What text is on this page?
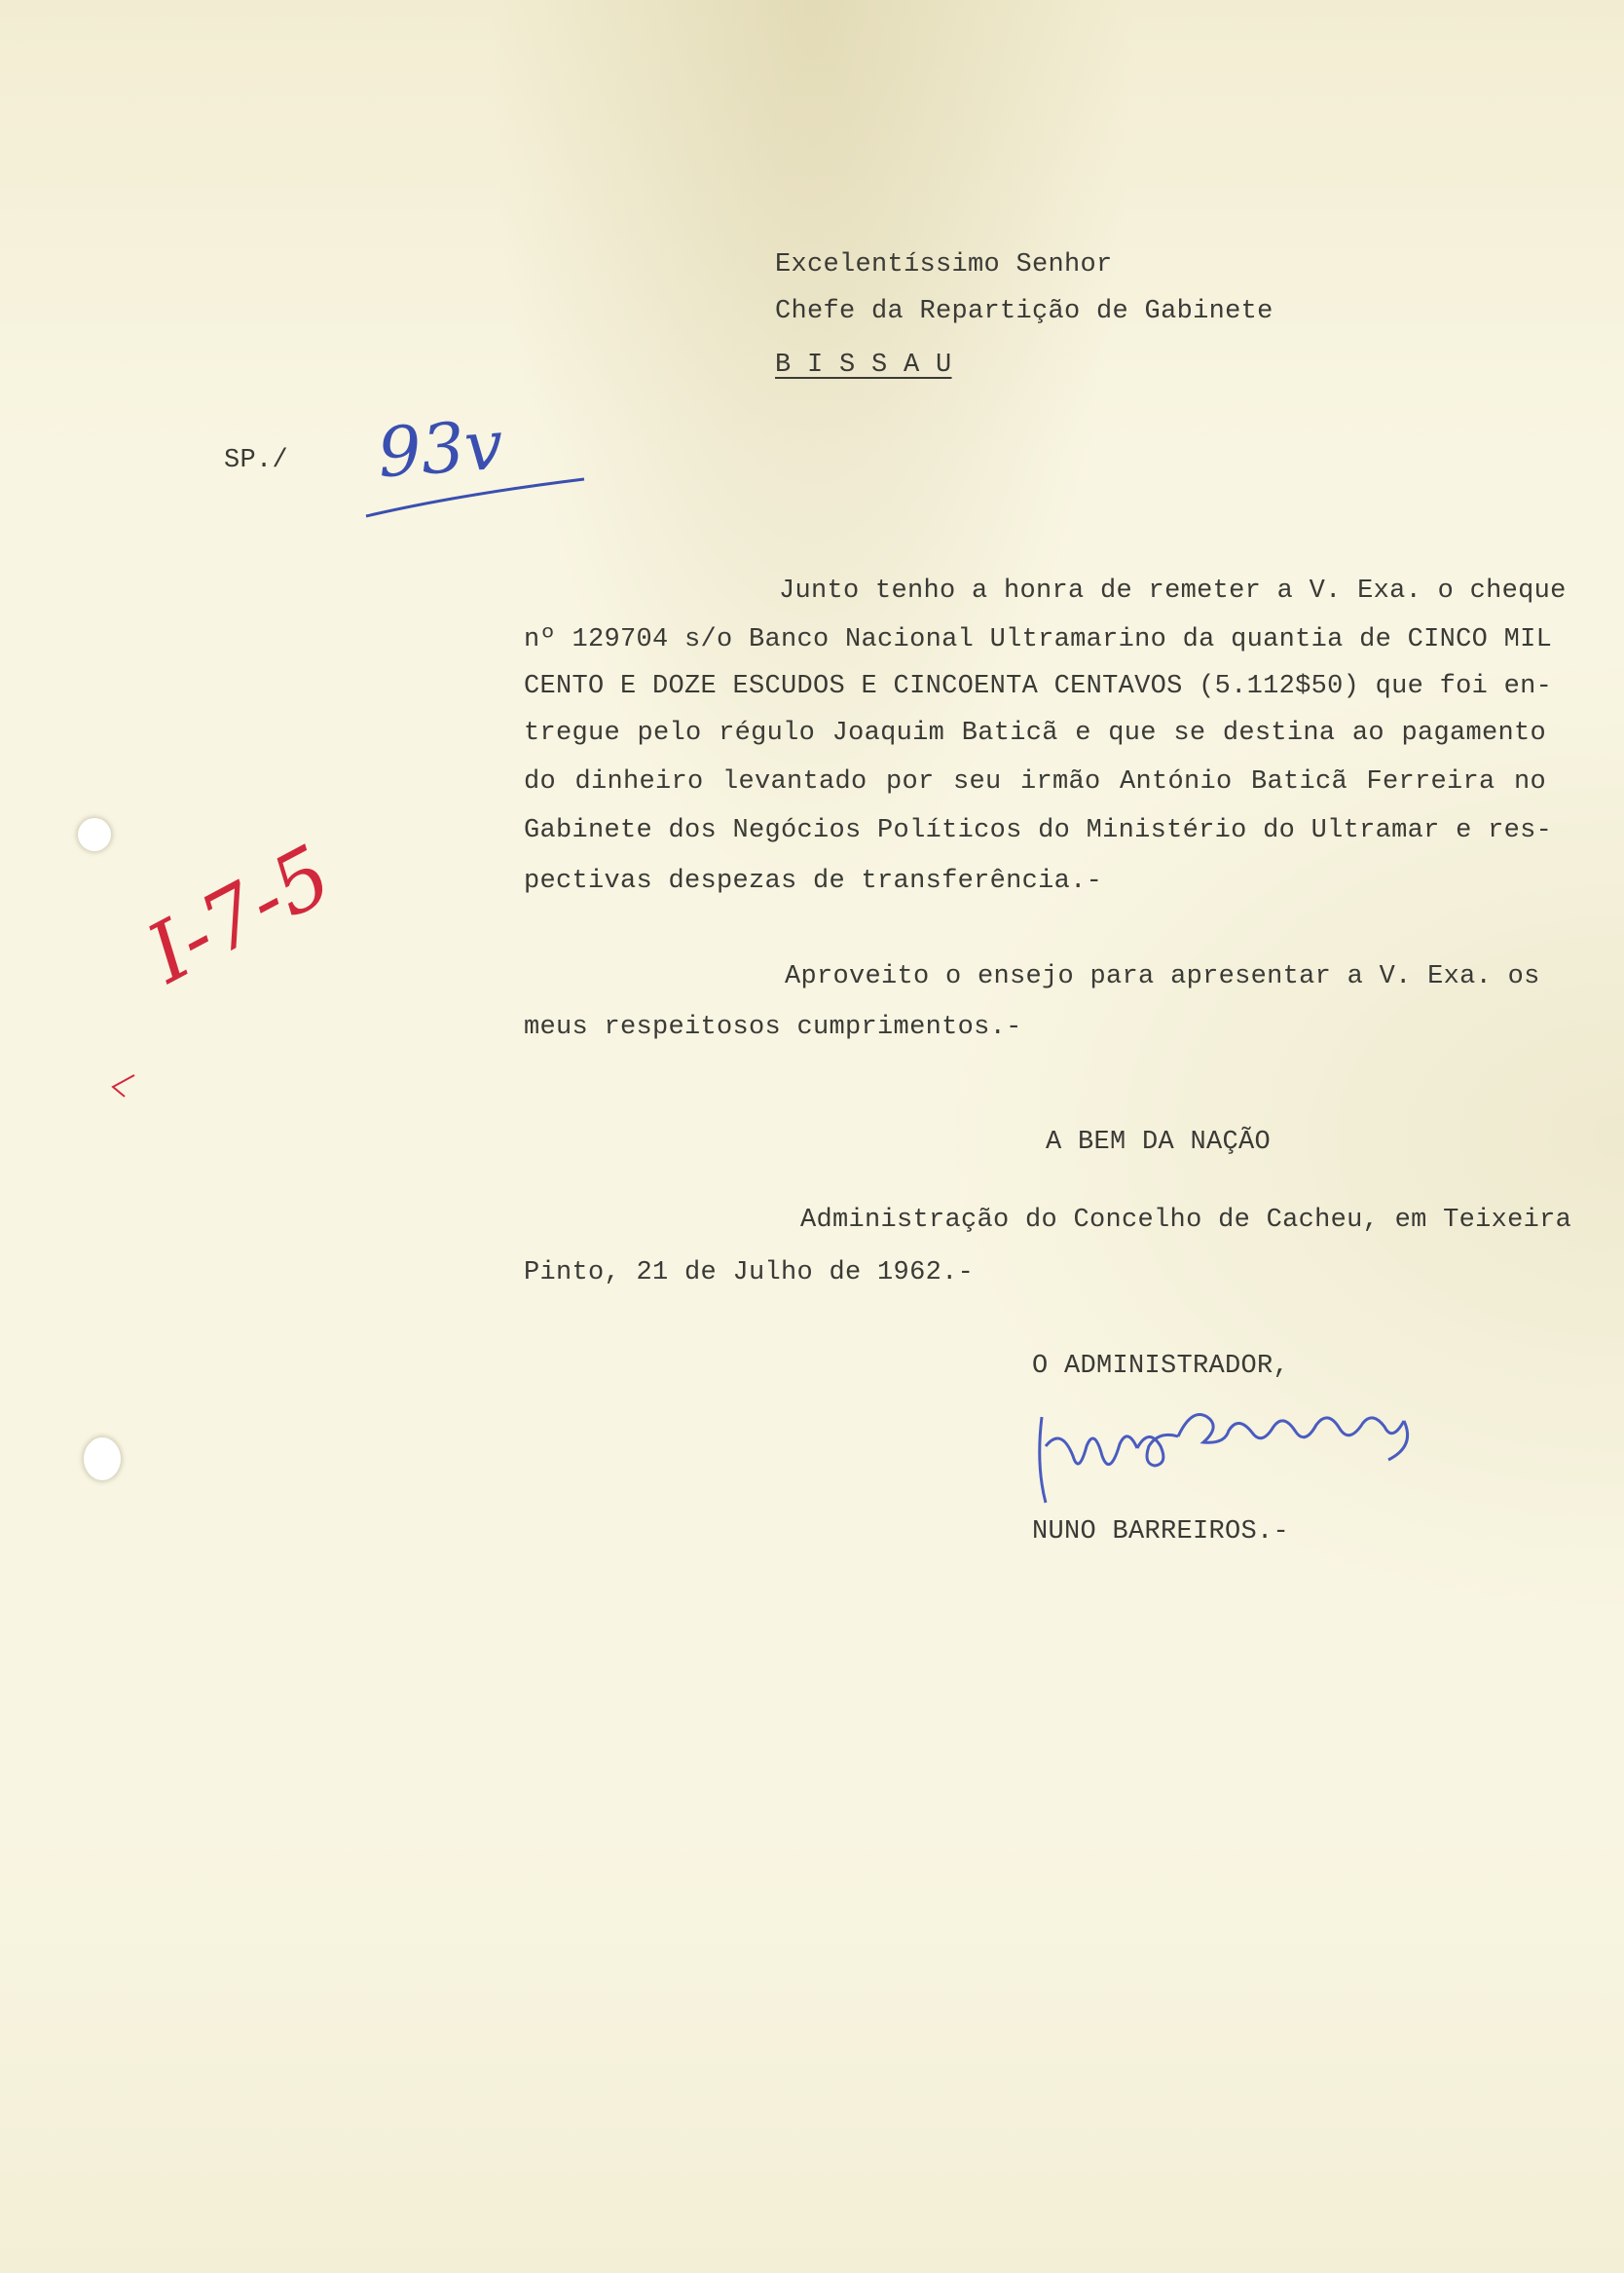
Excelentíssimo Senhor
Chefe da Repartição de Gabinete
B I S S A U
SP./ 93v
I-7-5
Junto tenho a honra de remeter a V. Exa. o cheque
nº 129704 s/o Banco Nacional Ultramarino da quantia de CINCO MIL
CENTO E DOZE ESCUDOS E CINCOENTA CENTAVOS (5.112$50) que foi en-
tregue pelo régulo Joaquim Baticã e que se destina ao pagamento
do dinheiro levantado por seu irmão António Baticã Ferreira no
Gabinete dos Negócios Políticos do Ministério do Ultramar e res-
pectivas despezas de transferência.-
Aproveito o ensejo para apresentar a V. Exa. os
meus respeitosos cumprimentos.-
A BEM DA NAÇÃO
Administração do Concelho de Cacheu, em Teixeira
Pinto, 21 de Julho de 1962.-
O ADMINISTRADOR,
NUNO BARREIROS.-
